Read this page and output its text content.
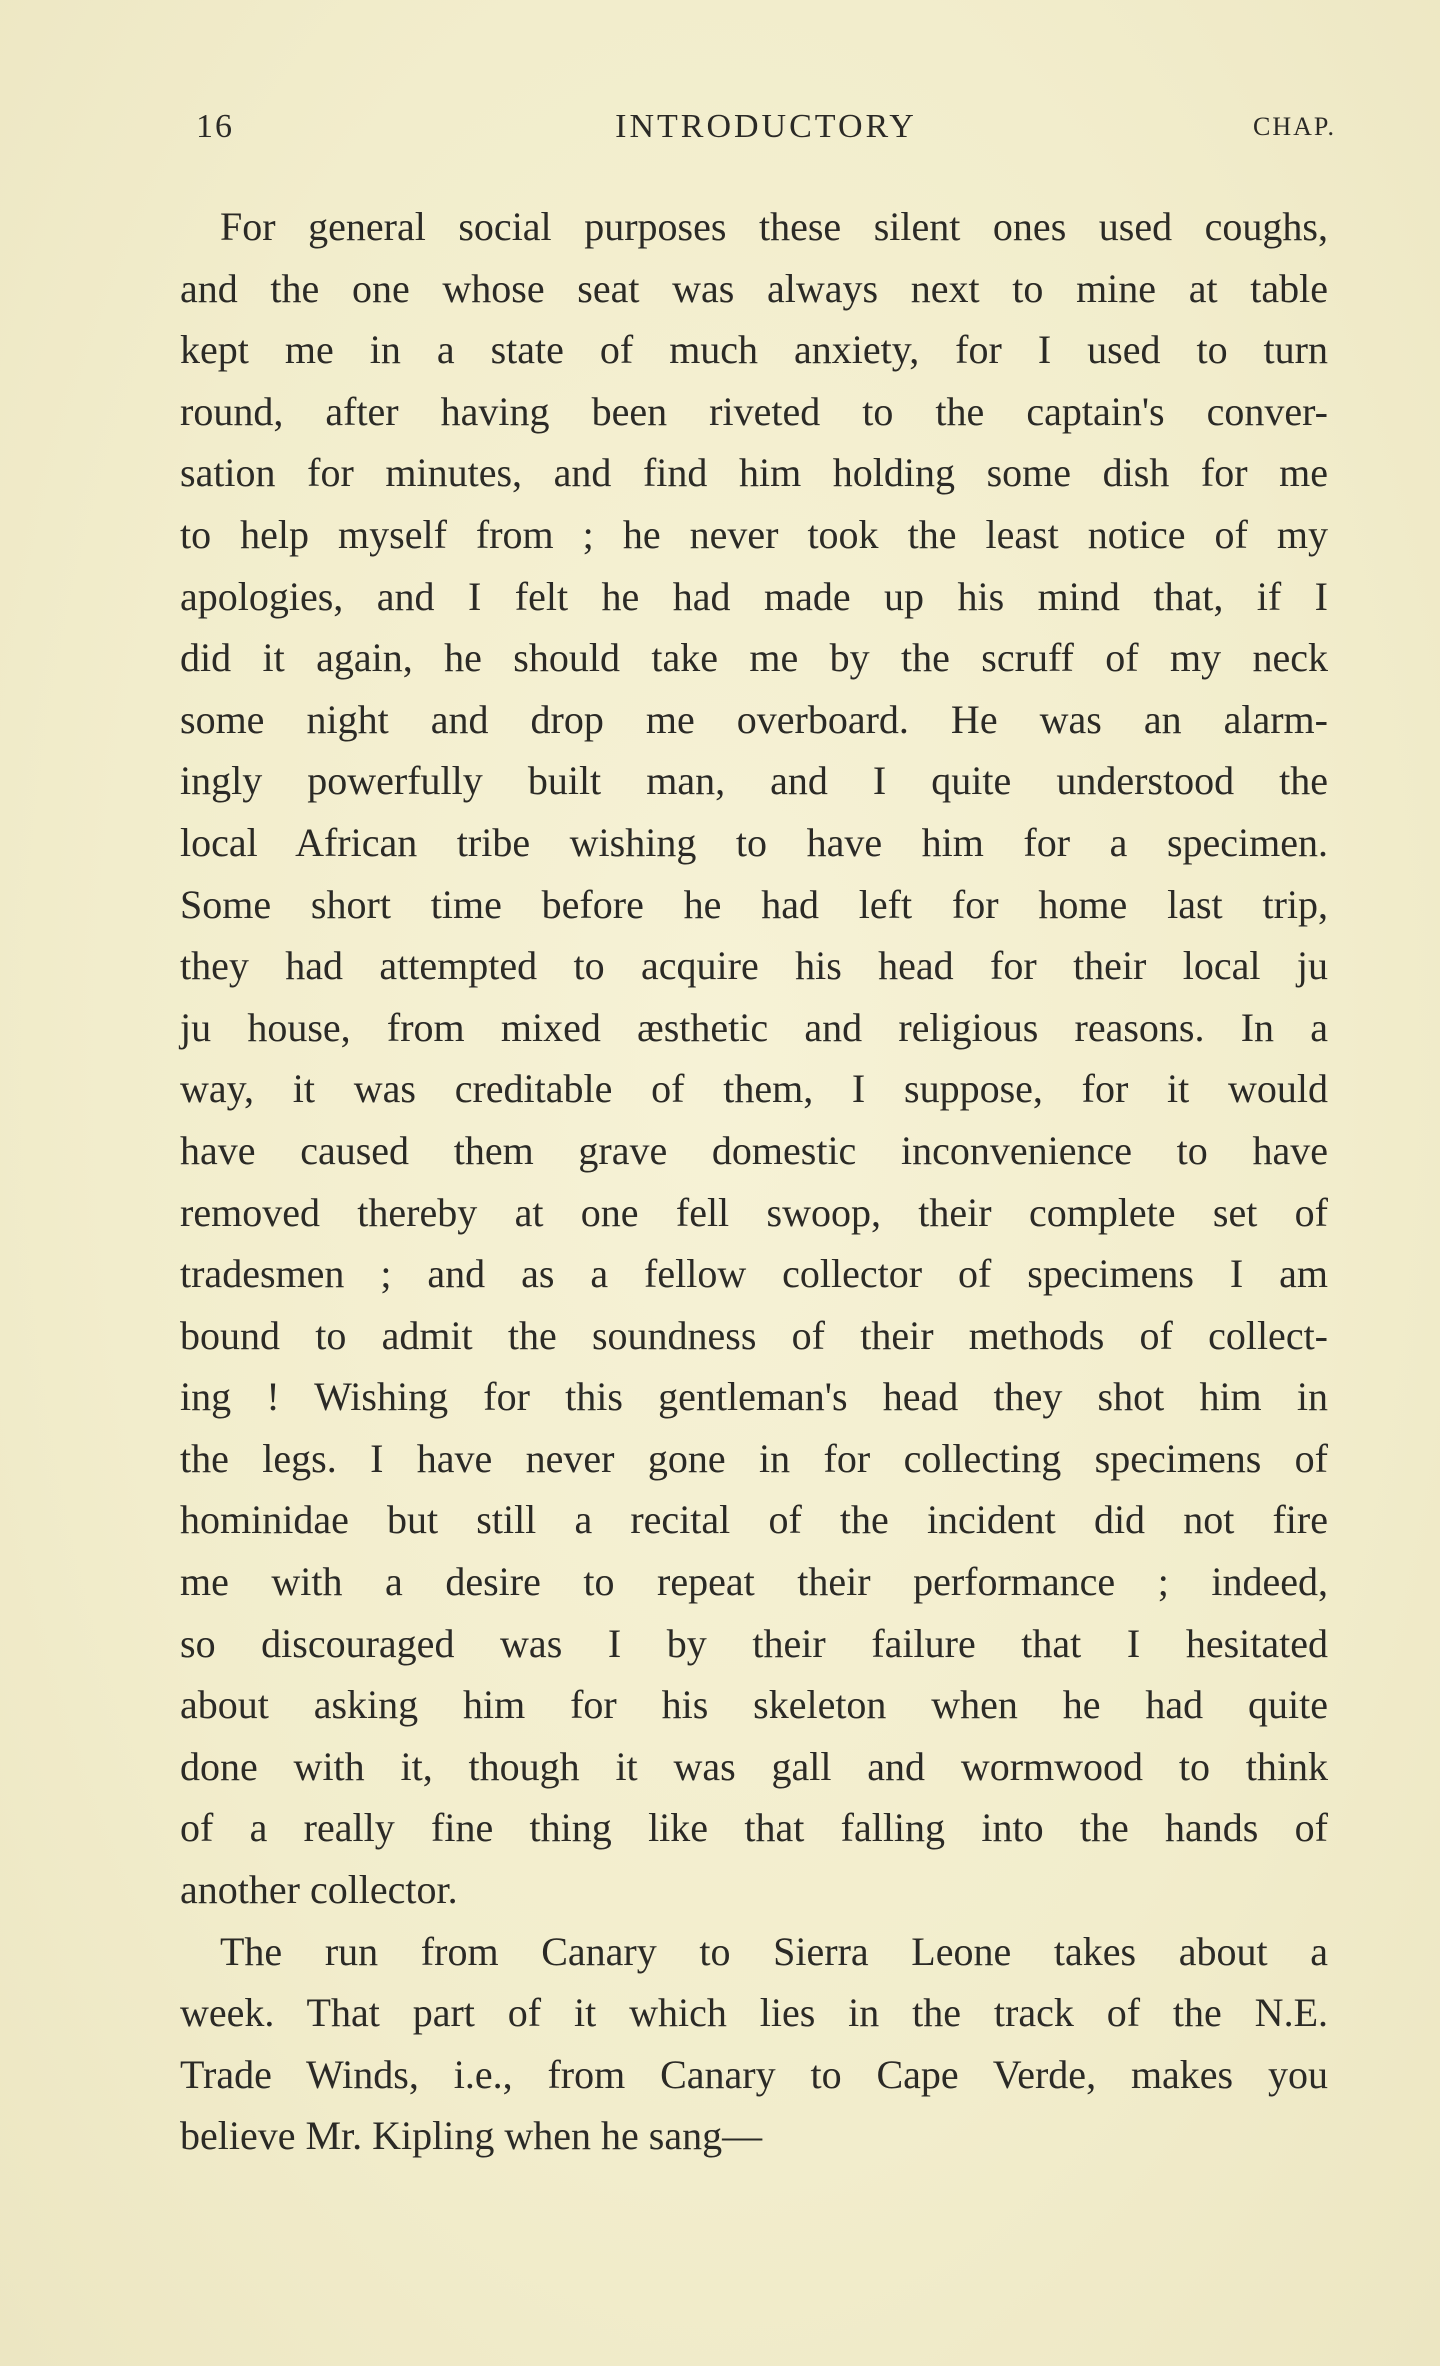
16	INTRODUCTORY	CHAP.
For general social purposes these silent ones used coughs,
and the one whose seat was always next to mine at table
kept me in a state of much anxiety, for I used to turn
round, after having been riveted to the captain's conver-
sation for minutes, and find him holding some dish for me
to help myself from ; he never took the least notice of my
apologies, and I felt he had made up his mind that, if I
did it again, he should take me by the scruff of my neck
some night and drop me overboard. He was an alarm-
ingly powerfully built man, and I quite understood the
local African tribe wishing to have him for a specimen.
Some short time before he had left for home last trip,
they had attempted to acquire his head for their local ju
ju house, from mixed æsthetic and religious reasons. In a
way, it was creditable of them, I suppose, for it would
have caused them grave domestic inconvenience to have
removed thereby at one fell swoop, their complete set of
tradesmen ; and as a fellow collector of specimens I am
bound to admit the soundness of their methods of collect-
ing ! Wishing for this gentleman's head they shot him in
the legs. I have never gone in for collecting specimens of
hominidae but still a recital of the incident did not fire
me with a desire to repeat their performance ; indeed,
so discouraged was I by their failure that I hesitated
about asking him for his skeleton when he had quite
done with it, though it was gall and wormwood to think
of a really fine thing like that falling into the hands of
another collector.
The run from Canary to Sierra Leone takes about a
week. That part of it which lies in the track of the N.E.
Trade Winds, i.e., from Canary to Cape Verde, makes you
believe Mr. Kipling when he sang—
